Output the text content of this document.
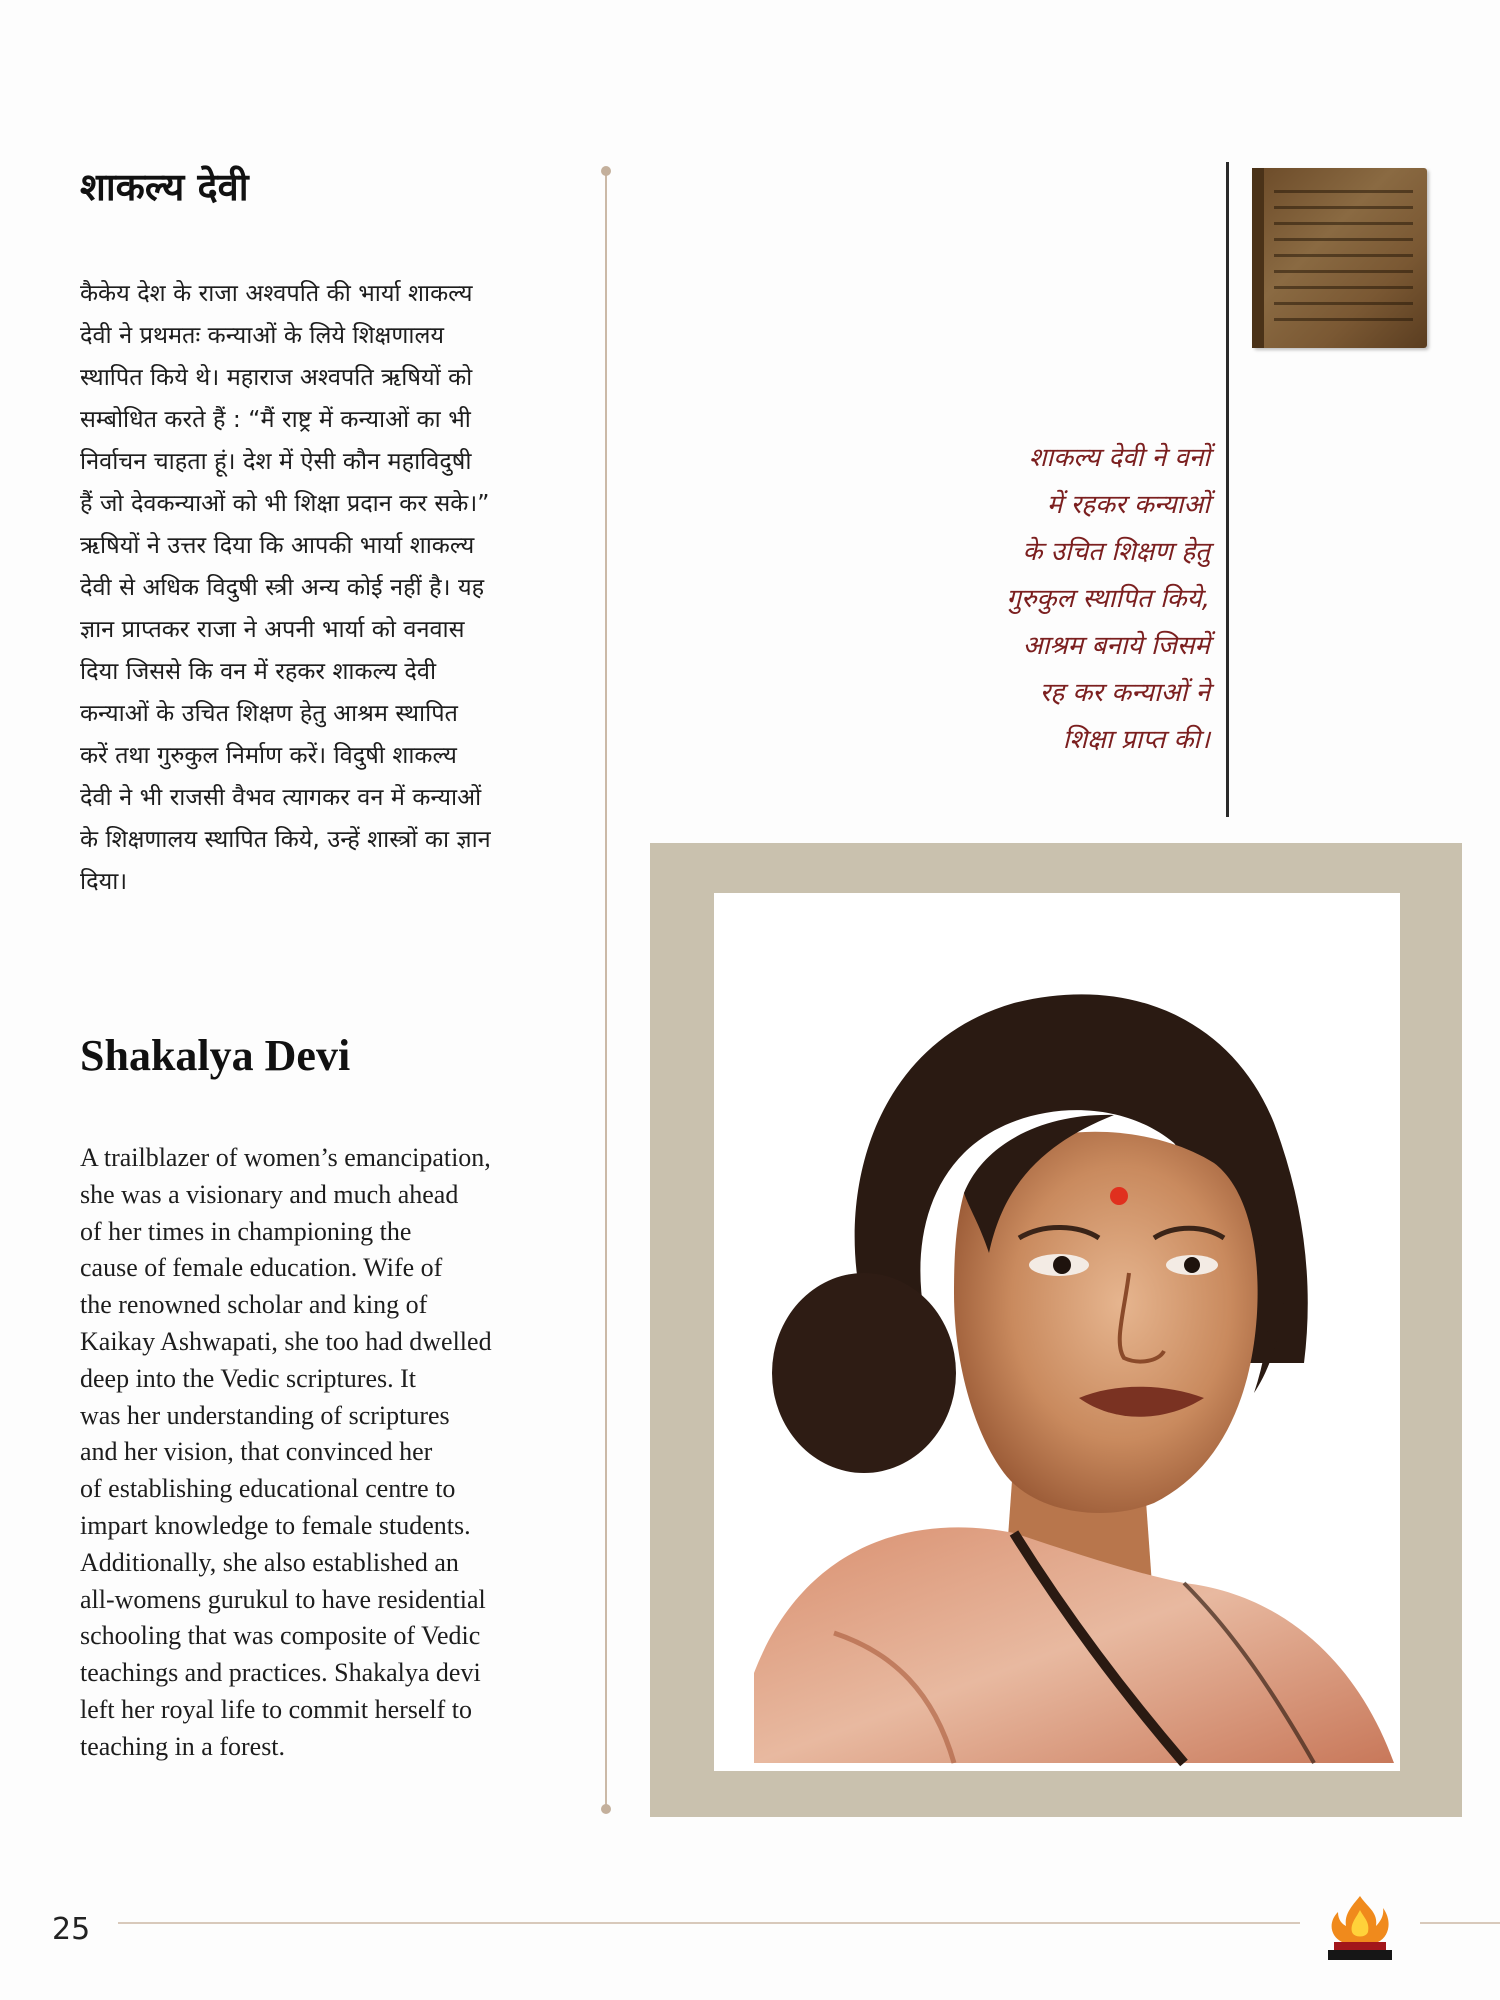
शाकल्य देवी

कैकेय देश के राजा अश्वपति की भार्या शाकल्य
देवी ने प्रथमतः कन्याओं के लिये शिक्षणालय
स्थापित किये थे। महाराज अश्वपति ऋषियों को
सम्बोधित करते हैं : “मैं राष्ट्र में कन्याओं का भी
निर्वाचन चाहता हूं। देश में ऐसी कौन महाविदुषी
हैं जो देवकन्याओं को भी शिक्षा प्रदान कर सके।”
ऋषियों ने उत्तर दिया कि आपकी भार्या शाकल्य
देवी से अधिक विदुषी स्त्री अन्य कोई नहीं है। यह
ज्ञान प्राप्तकर राजा ने अपनी भार्या को वनवास
दिया जिससे कि वन में रहकर शाकल्य देवी
कन्याओं के उचित शिक्षण हेतु आश्रम स्थापित
करें तथा गुरुकुल निर्माण करें। विदुषी शाकल्य
देवी ने भी राजसी वैभव त्यागकर वन में कन्याओं
के शिक्षणालय स्थापित किये, उन्हें शास्त्रों का ज्ञान
दिया।

Shakalya Devi

A trailblazer of women’s emancipation,
she was a visionary and much ahead
of her times in championing the
cause of female education. Wife of
the renowned scholar and king of
Kaikay Ashwapati, she too had dwelled
deep into the Vedic scriptures. It
was her understanding of scriptures
and her vision, that convinced her
of establishing educational centre to
impart knowledge to female students.
Additionally, she also established an
all-womens gurukul to have residential
schooling that was composite of Vedic
teachings and practices. Shakalya devi
left her royal life to commit herself to
teaching in a forest.

शाकल्य देवी ने वनों
में रहकर कन्याओं
के उचित शिक्षण हेतु
गुरुकुल स्थापित किये,
आश्रम बनाये जिसमें
रह कर कन्याओं ने
शिक्षा प्राप्त की।

25
